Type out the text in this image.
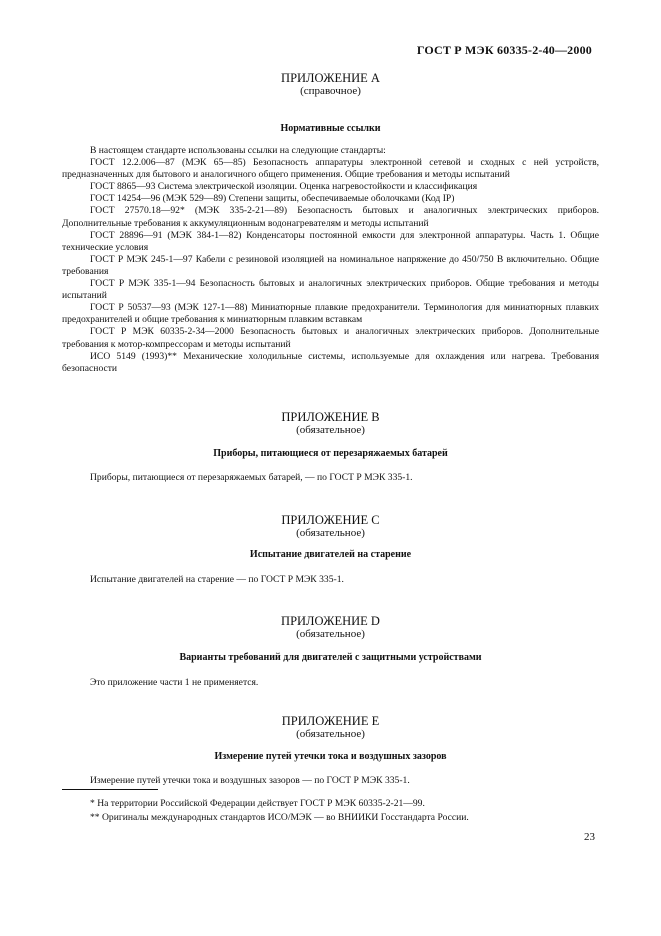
ГОСТ Р МЭК 60335-2-40—2000
ПРИЛОЖЕНИЕ А
(справочное)
Нормативные ссылки

В настоящем стандарте использованы ссылки на следующие стандарты:

ГОСТ 12.2.006—87 (МЭК 65—85) Безопасность аппаратуры электронной сетевой и сходных с ней устройств, предназначенных для бытового и аналогичного общего применения. Общие требования и методы испытаний

ГОСТ 8865—93 Система электрической изоляции. Оценка нагревостойкости и классификация

ГОСТ 14254—96 (МЭК 529—89) Степени защиты, обеспечиваемые оболочками (Код IP)

ГОСТ 27570.18—92* (МЭК 335-2-21—89) Безопасность бытовых и аналогичных электрических приборов. Дополнительные требования к аккумуляционным водонагревателям и методы испытаний

ГОСТ 28896—91 (МЭК 384-1—82) Конденсаторы постоянной емкости для электронной аппаратуры. Часть 1. Общие технические условия

ГОСТ Р МЭК 245-1—97 Кабели с резиновой изоляцией на номинальное напряжение до 450/750 В включительно. Общие требования

ГОСТ Р МЭК 335-1—94 Безопасность бытовых и аналогичных электрических приборов. Общие требования и методы испытаний

ГОСТ Р 50537—93 (МЭК 127-1—88) Миниатюрные плавкие предохранители. Терминология для миниатюрных плавких предохранителей и общие требования к миниатюрным плавким вставкам

ГОСТ Р МЭК 60335-2-34—2000 Безопасность бытовых и аналогичных электрических приборов. Дополнительные требования к мотор-компрессорам и методы испытаний

ИСО 5149 (1993)** Механические холодильные системы, используемые для охлаждения или нагрева. Требования безопасности

ПРИЛОЖЕНИЕ В
(обязательное)
Приборы, питающиеся от перезаряжаемых батарей
Приборы, питающиеся от перезаряжаемых батарей, — по ГОСТ Р МЭК 335-1.
ПРИЛОЖЕНИЕ С
(обязательное)
Испытание двигателей на старение
Испытание двигателей на старение — по ГОСТ Р МЭК 335-1.
ПРИЛОЖЕНИЕ D
(обязательное)
Варианты требований для двигателей с защитными устройствами
Это приложение части 1 не применяется.
ПРИЛОЖЕНИЕ Е
(обязательное)
Измерение путей утечки тока и воздушных зазоров
Измерение путей утечки тока и воздушных зазоров — по ГОСТ Р МЭК 335-1.

* На территории Российской Федерации действует ГОСТ Р МЭК 60335-2-21—99.

** Оригиналы международных стандартов ИСО/МЭК — во ВНИИКИ Госстандарта России.

23
